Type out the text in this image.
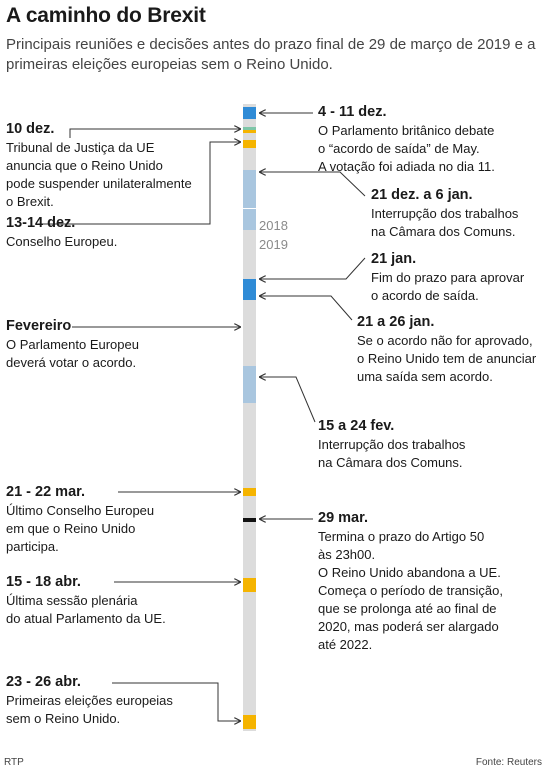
A caminho do Brexit
Principais reuniões e decisões antes do prazo final de 29 de março de 2019 e a primeiras eleições europeias sem o Reino Unido.
2018
2019
4 - 11 dez.
O Parlamento britânico debate
o “acordo de saída” de May.
A votação foi adiada no dia 11.
21 dez. a 6 jan.
Interrupção dos trabalhos
na Câmara dos Comuns.
21 jan.
Fim do prazo para aprovar
o acordo de saída.
21 a 26 jan.
Se o acordo não for aprovado,
o Reino Unido tem de anunciar
uma saída sem acordo.
15 a 24 fev.
Interrupção dos trabalhos
na Câmara dos Comuns.
29 mar.
Termina o prazo do Artigo 50
às 23h00.
O Reino Unido abandona a UE.
Começa o período de transição,
que se prolonga até ao final de
2020, mas poderá ser alargado
até 2022.
10 dez.
Tribunal de Justiça da UE
anuncia que o Reino Unido
pode suspender unilateralmente
o Brexit.
13-14 dez.
Conselho Europeu.
Fevereiro
O Parlamento Europeu
deverá votar o acordo.
21 - 22 mar.
Último Conselho Europeu
em que o Reino Unido
participa.
15 - 18 abr.
Última sessão plenária
do atual Parlamento da UE.
23 - 26 abr.
Primeiras eleições europeias
sem o Reino Unido.
RTP	Fonte: Reuters
